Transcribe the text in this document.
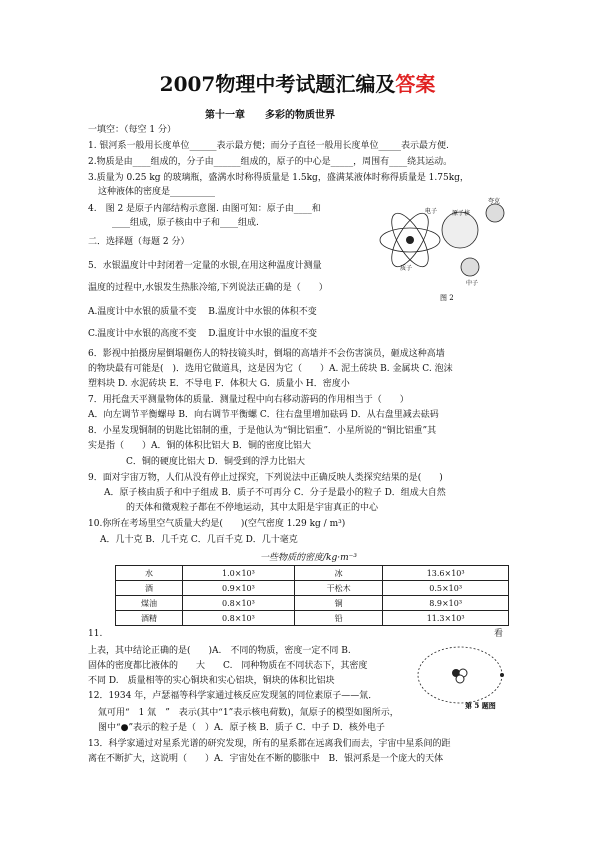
2007物理中考试题汇编及答案
第十一章　　多彩的物质世界
一填空：（每空 1 分）
1. 银河系一般用长度单位______表示最方便；而分子直径一般用长度单位_____表示最方便.
2.物质是由____组成的，分子由______组成的，原子的中心是_____，周围有____绕其运动。
3.质量为 0.25 kg 的玻璃瓶，盛满水时称得质量是 1.5kg，盛满某液体时称得质量是 1.75kg，
这种液体的密度是__________
4.　图 2 是原子内部结构示意图. 由图可知：原子由____和
____组成，原子核由中子和____组成.
二．选择题（每题 2 分）
5．水银温度计中封闭着一定量的水银,在用这种温度计测量
温度的过程中,水银发生热胀冷缩,下列说法正确的是（　　）
A.温度计中水银的质量不变　 B.温度计中水银的体积不变
C.温度计中水银的高度不变　 D.温度计中水银的温度不变
6．影视中拍摄房屋倒塌砸伤人的特技镜头时，倒塌的高墙并不会伤害演员，砸成这种高墙
的物块最有可能是(　)．选用它做道具，这是因为它（　　）A. 泥土砖块 B. 金属块 C. 泡沫
塑料块 D. 水泥砖块 E．不导电 F．体积大 G．质量小 H．密度小
7．用托盘天平测量物体的质量．测量过程中向右移动游码的作用相当于（　　）
A．向左调节平衡螺母 B．向右调节平衡螺 C．往右盘里增加砝码 D．从右盘里减去砝码
8．小星发现铜制的钥匙比铝制的重，于是他认为“铜比铝重”．小星所说的“铜比铝重”其
实是指（　　）A．铜的体积比铝大 B．铜的密度比铝大
C．铜的硬度比铝大 D．铜受到的浮力比铝大
9．面对宇宙万物，人们从没有停止过探究，下列说法中正确反映人类探究结果的是(　　)
A．原子核由质子和中子组成 B．质子不可再分 C．分子是最小的粒子 D．组成大自然
的天体和微观粒子都在不停地运动，其中太阳是宇宙真正的中心
10.你所在考场里空气质量大约是(　　)(空气密度 1.29 kg / m³)
A．几十克 B．几千克 C．几百千克 D．几十毫克
一些物质的密度/kg·m⁻³
水	1.0×10³	冰	13.6×10³
酒	0.9×10³	干松木	0.5×10³
煤油	0.8×10³	铜	8.9×10³
酒精	0.8×10³	铅	11.3×10³
看
11.
上表，其中结论正确的是(　　)A.　不同的物质，密度一定不同 B.
固体的密度都比液体的　　大　　C.　同种物质在不同状态下，其密度
不同 D.　质量相等的实心铜块和实心铝块，铜块的体积比铝块
12．1934 年，卢瑟福等科学家通过核反应发现氢的同位素原子——氚．
氚可用“　1 氚　”　表示(其中“1”表示核电荷数)，氚原子的模型如图所示，
图中“●”表示的粒子是（　）A．原子核 B．质子 C．中子 D．核外电子
13．科学家通过对星系光谱的研究发现，所有的星系都在远离我们而去，宇宙中星系间的距
离在不断扩大，这说明（　　）A．宇宙处在不断的膨胀中　B．银河系是一个庞大的天体
电子 原子核
质子
中子
夸克
图 2
第 5 题图
